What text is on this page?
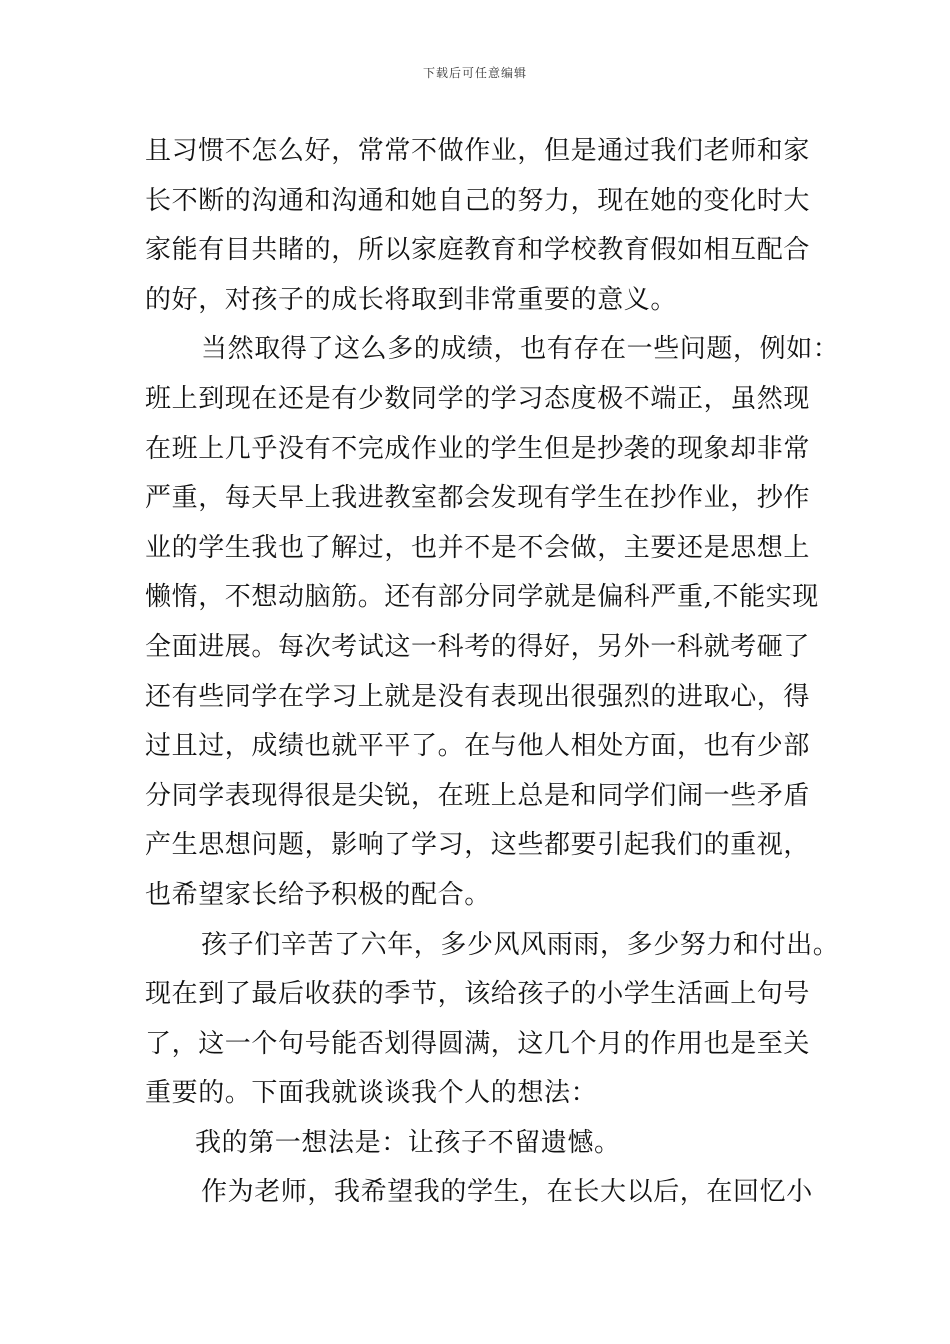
下载后可任意编辑
且习惯不怎么好，常常不做作业，但是通过我们老师和家
长不断的沟通和沟通和她自己的努力，现在她的变化时大
家能有目共睹的，所以家庭教育和学校教育假如相互配合
的好，对孩子的成长将取到非常重要的意义。
当然取得了这么多的成绩，也有存在一些问题，例如：
班上到现在还是有少数同学的学习态度极不端正，虽然现
在班上几乎没有不完成作业的学生但是抄袭的现象却非常
严重，每天早上我进教室都会发现有学生在抄作业，抄作
业的学生我也了解过，也并不是不会做，主要还是思想上
懒惰，不想动脑筋。还有部分同学就是偏科严重,不能实现
全面进展。每次考试这一科考的得好，另外一科就考砸了
还有些同学在学习上就是没有表现出很强烈的进取心，得
过且过，成绩也就平平了。在与他人相处方面，也有少部
分同学表现得很是尖锐，在班上总是和同学们闹一些矛盾
产生思想问题，影响了学习，这些都要引起我们的重视，
也希望家长给予积极的配合。
孩子们辛苦了六年，多少风风雨雨，多少努力和付出。
现在到了最后收获的季节，该给孩子的小学生活画上句号
了，这一个句号能否划得圆满，这几个月的作用也是至关
重要的。下面我就谈谈我个人的想法：
我的第一想法是：让孩子不留遗憾。
作为老师，我希望我的学生，在长大以后，在回忆小
